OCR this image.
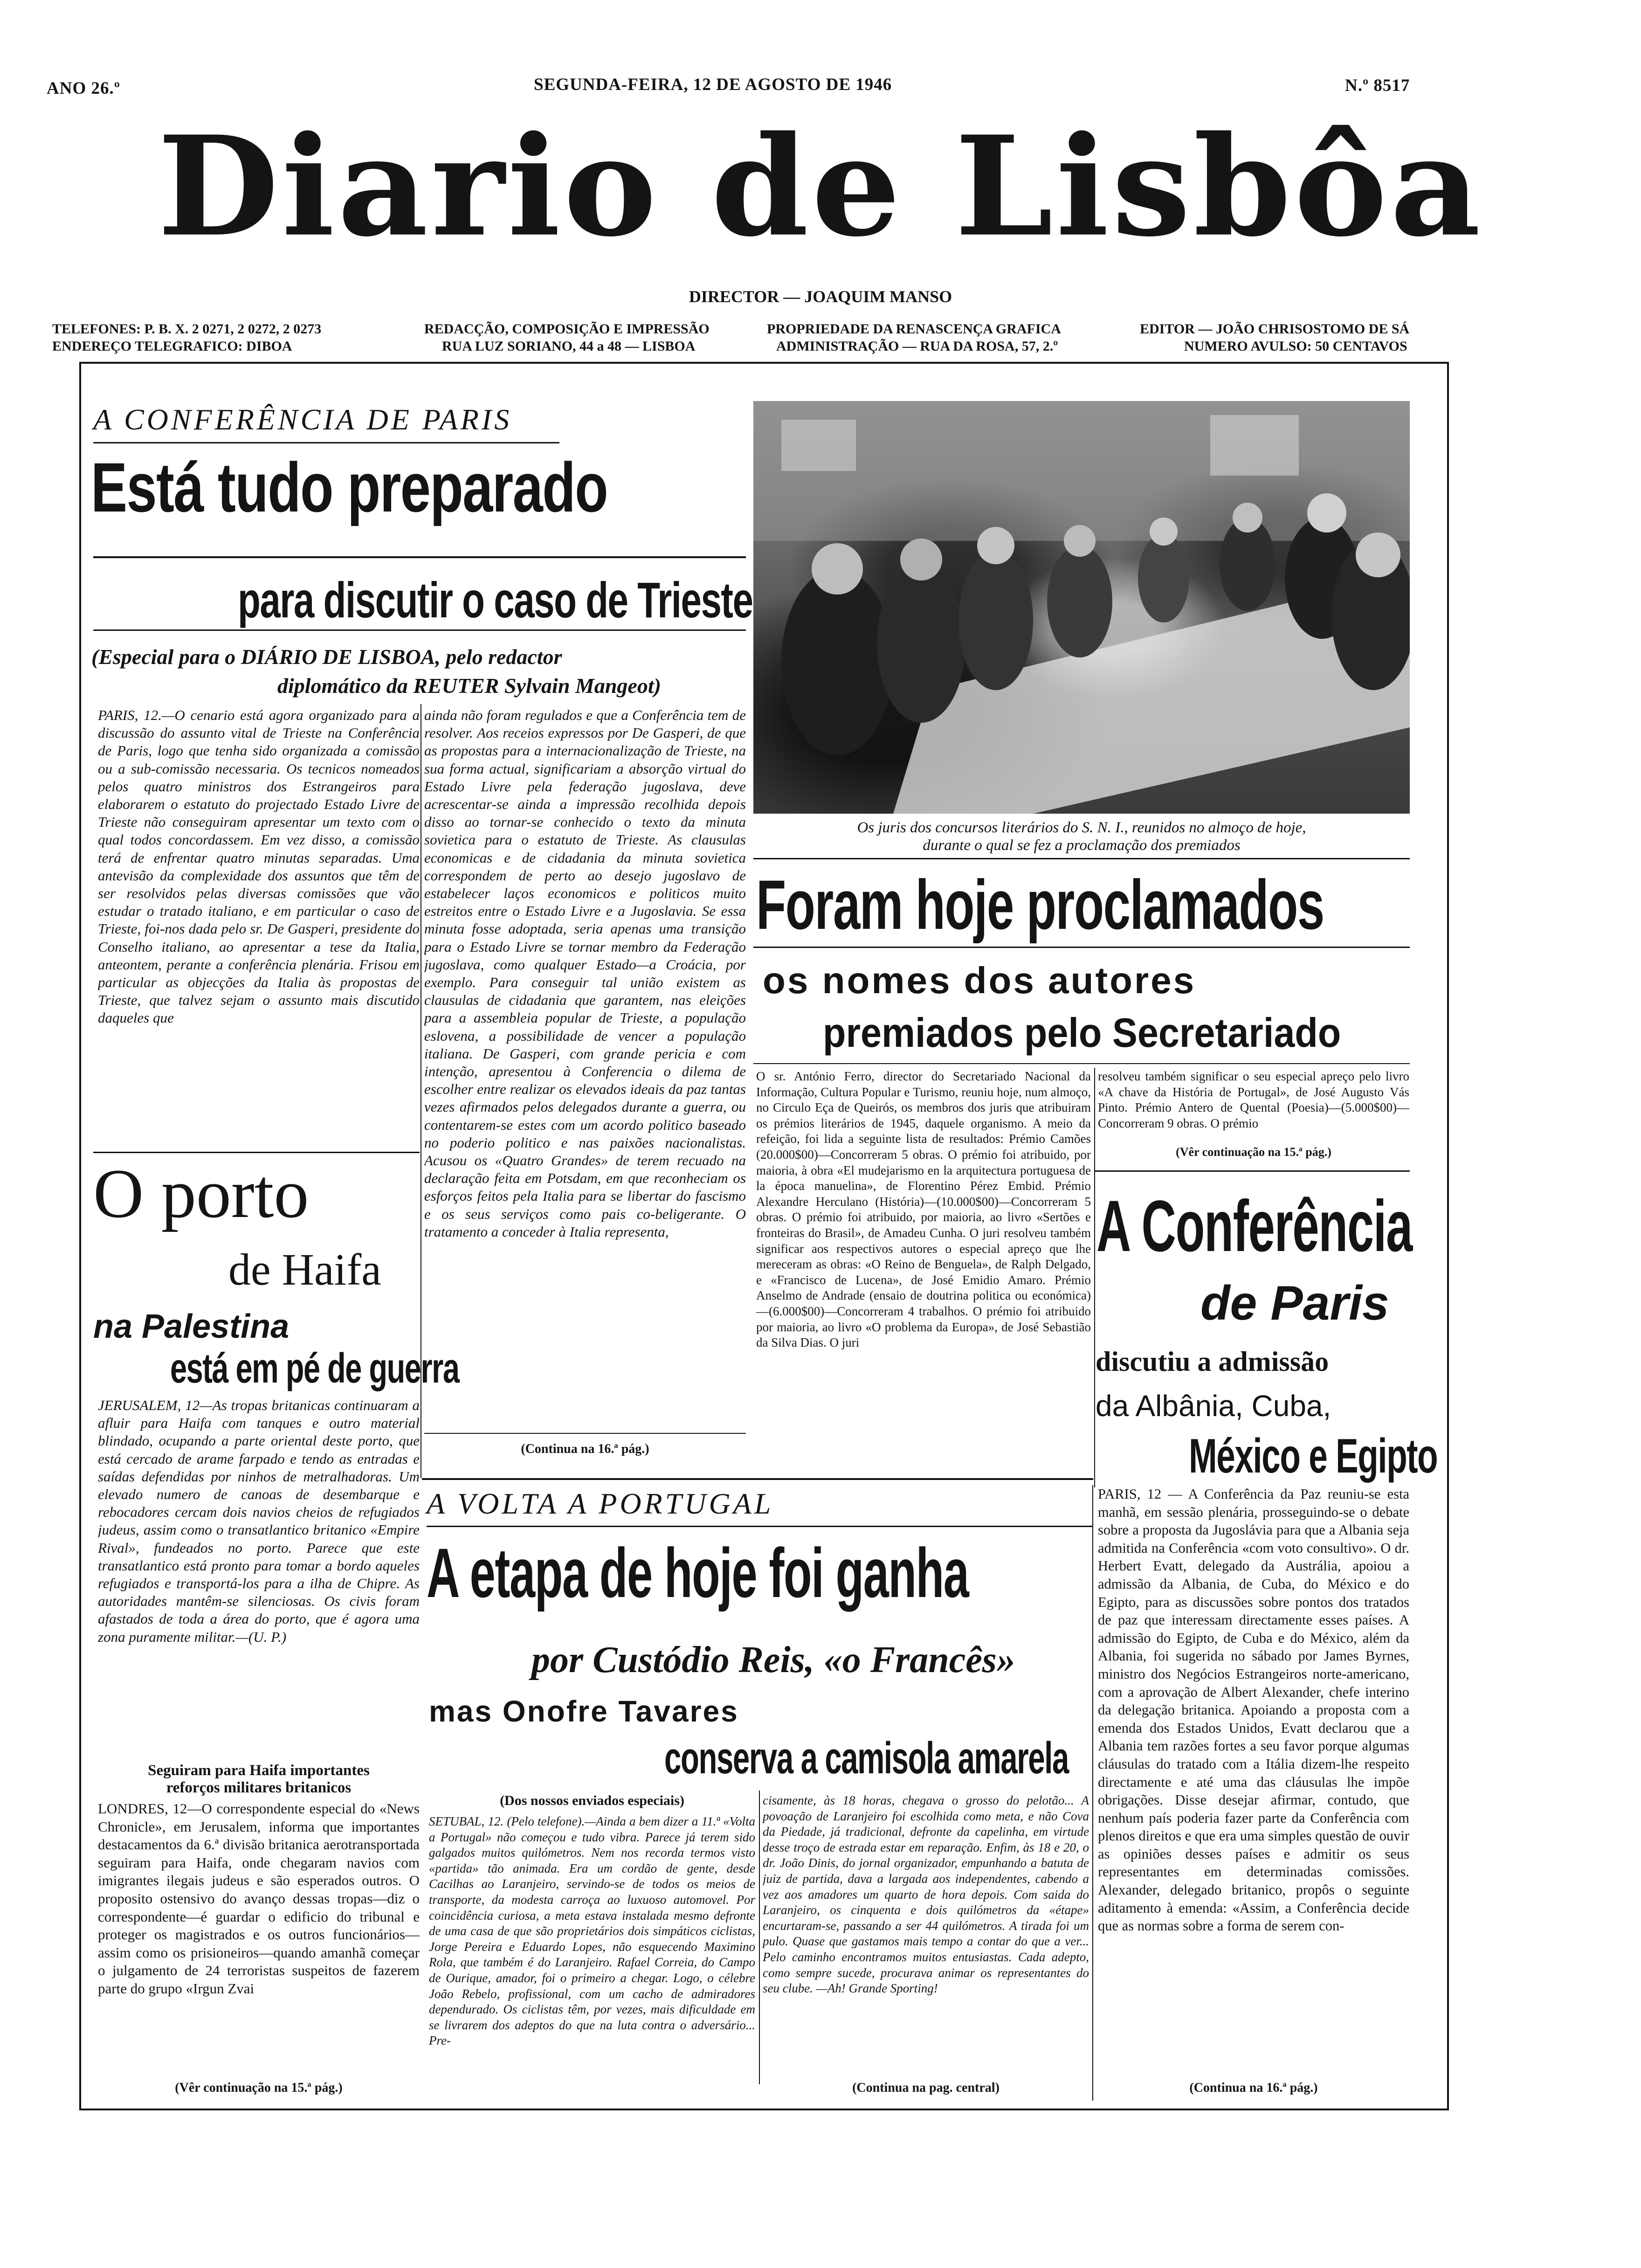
ANO 26.º	SEGUNDA-FEIRA, 12 DE AGOSTO DE 1946	N.º 8517
Diario de Lisbôa
DIRECTOR — JOAQUIM MANSO
TELEFONES: P. B. X. 2 0271, 2 0272, 2 0273
ENDEREÇO TELEGRAFICO: DIBOA
REDACÇÃO, COMPOSIÇÃO E IMPRESSÃO
RUA LUZ SORIANO, 44 a 48 — LISBOA
PROPRIEDADE DA RENASCENÇA GRAFICA
ADMINISTRAÇÃO — RUA DA ROSA, 57, 2.º
EDITOR — JOÃO CHRISOSTOMO DE SÁ
NUMERO AVULSO: 50 CENTAVOS
A CONFERÊNCIA DE PARIS
Está tudo preparado
para discutir o caso de Trieste
(Especial para o DIÁRIO DE LISBOA, pelo redactor
diplomático da REUTER Sylvain Mangeot)
PARIS, 12.—O cenario está agora organizado para a discussão do assunto vital de Trieste na Conferência de Paris, logo que tenha sido organizada a comissão ou a sub-comissão necessaria. Os tecnicos nomeados pelos quatro ministros dos Estrangeiros para elaborarem o estatuto do projectado Estado Livre de Trieste não conseguiram apresentar um texto com o qual todos concordassem. Em vez disso, a comissão terá de enfrentar quatro minutas separadas. Uma antevisão da complexidade dos assuntos que têm de ser resolvidos pelas diversas comissões que vão estudar o tratado italiano, e em particular o caso de Trieste, foi-nos dada pelo sr. De Gasperi, presidente do Conselho italiano, ao apresentar a tese da Italia, anteontem, perante a conferência plenária. Frisou em particular as objecções da Italia às propostas de Trieste, que talvez sejam o assunto mais discutido daqueles que
ainda não foram regulados e que a Conferência tem de resolver. Aos receios expressos por De Gasperi, de que as propostas para a internacionalização de Trieste, na sua forma actual, significariam a absorção virtual do Estado Livre pela federação jugoslava, deve acrescentar-se ainda a impressão recolhida depois disso ao tornar-se conhecido o texto da minuta sovietica para o estatuto de Trieste. As clausulas economicas e de cidadania da minuta sovietica correspondem de perto ao desejo jugoslavo de estabelecer laços economicos e politicos muito estreitos entre o Estado Livre e a Jugoslavia. Se essa minuta fosse adoptada, seria apenas uma transição para o Estado Livre se tornar membro da Federação jugoslava, como qualquer Estado—a Croácia, por exemplo. Para conseguir tal união existem as clausulas de cidadania que garantem, nas eleições para a assembleia popular de Trieste, a população eslovena, a possibilidade de vencer a população italiana. De Gasperi, com grande pericia e com intenção, apresentou à Conferencia o dilema de escolher entre realizar os elevados ideais da paz tantas vezes afirmados pelos delegados durante a guerra, ou contentarem-se estes com um acordo politico baseado no poderio politico e nas paixões nacionalistas. Acusou os «Quatro Grandes» de terem recuado na declaração feita em Potsdam, em que reconheciam os esforços feitos pela Italia para se libertar do fascismo e os seus serviços como pais co-beligerante. O tratamento a conceder à Italia representa,
(Continua na 16.ª pág.)
O porto
de Haifa
na Palestina
está em pé de guerra
JERUSALEM, 12—As tropas britanicas continuaram a afluir para Haifa com tanques e outro material blindado, ocupando a parte oriental deste porto, que está cercado de arame farpado e tendo as entradas e saídas defendidas por ninhos de metralhadoras. Um elevado numero de canoas de desembarque e rebocadores cercam dois navios cheios de refugiados judeus, assim como o transatlantico britanico «Empire Rival», fundeados no porto. Parece que este transatlantico está pronto para tomar a bordo aqueles refugiados e transportá-los para a ilha de Chipre. As autoridades mantêm-se silenciosas. Os civis foram afastados de toda a área do porto, que é agora uma zona puramente militar.—(U. P.)
Seguiram para Haifa importantes
reforços militares britanicos
LONDRES, 12—O correspondente especial do «News Chronicle», em Jerusalem, informa que importantes destacamentos da 6.ª divisão britanica aerotransportada seguiram para Haifa, onde chegaram navios com imigrantes ilegais judeus e são esperados outros. O proposito ostensivo do avanço dessas tropas—diz o correspondente—é guardar o edificio do tribunal e proteger os magistrados e os outros funcionários—assim como os prisioneiros—quando amanhã começar o julgamento de 24 terroristas suspeitos de fazerem parte do grupo «Irgun Zvai
(Vêr continuação na 15.ª pág.)
Os juris dos concursos literários do S. N. I., reunidos no almoço de hoje,
durante o qual se fez a proclamação dos premiados
Foram hoje proclamados
os nomes dos autores
premiados pelo Secretariado
O sr. António Ferro, director do Secretariado Nacional da Informação, Cultura Popular e Turismo, reuniu hoje, num almoço, no Circulo Eça de Queirós, os membros dos juris que atribuiram os prémios literários de 1945, daquele organismo. A meio da refeição, foi lida a seguinte lista de resultados: Prémio Camões (20.000$00)—Concorreram 5 obras. O prémio foi atribuido, por maioria, à obra «El mudejarismo en la arquitectura portuguesa de la época manuelina», de Florentino Pérez Embid. Prémio Alexandre Herculano (História)—(10.000$00)—Concorreram 5 obras. O prémio foi atribuido, por maioria, ao livro «Sertões e fronteiras do Brasil», de Amadeu Cunha. O juri resolveu também significar aos respectivos autores o especial apreço que lhe mereceram as obras: «O Reino de Benguela», de Ralph Delgado, e «Francisco de Lucena», de José Emidio Amaro. Prémio Anselmo de Andrade (ensaio de doutrina politica ou económica)—(6.000$00)—Concorreram 4 trabalhos. O prémio foi atribuido por maioria, ao livro «O problema da Europa», de José Sebastião da Silva Dias. O juri
resolveu também significar o seu especial apreço pelo livro «A chave da História de Portugal», de José Augusto Vás Pinto. Prémio Antero de Quental (Poesia)—(5.000$00)—Concorreram 9 obras. O prémio
(Vêr continuação na 15.ª pág.)
A Conferência
de Paris
discutiu a admissão
da Albânia, Cuba,
México e Egipto
PARIS, 12 — A Conferência da Paz reuniu-se esta manhã, em sessão plenária, prosseguindo-se o debate sobre a proposta da Jugoslávia para que a Albania seja admitida na Conferência «com voto consultivo». O dr. Herbert Evatt, delegado da Austrália, apoiou a admissão da Albania, de Cuba, do México e do Egipto, para as discussões sobre pontos dos tratados de paz que interessam directamente esses países. A admissão do Egipto, de Cuba e do México, além da Albania, foi sugerida no sábado por James Byrnes, ministro dos Negócios Estrangeiros norte-americano, com a aprovação de Albert Alexander, chefe interino da delegação britanica. Apoiando a proposta com a emenda dos Estados Unidos, Evatt declarou que a Albania tem razões fortes a seu favor porque algumas cláusulas do tratado com a Itália dizem-lhe respeito directamente e até uma das cláusulas lhe impõe obrigações. Disse desejar afirmar, contudo, que nenhum país poderia fazer parte da Conferência com plenos direitos e que era uma simples questão de ouvir as opiniões desses países e admitir os seus representantes em determinadas comissões. Alexander, delegado britanico, propôs o seguinte aditamento à emenda: «Assim, a Conferência decide que as normas sobre a forma de serem con-
(Continua na 16.ª pág.)
A VOLTA A PORTUGAL
A etapa de hoje foi ganha
por Custódio Reis, «o Francês»
mas Onofre Tavares
conserva a camisola amarela
(Dos nossos enviados especiais)
SETUBAL, 12. (Pelo telefone).—Ainda a bem dizer a 11.ª «Volta a Portugal» não começou e tudo vibra. Parece já terem sido galgados muitos quilómetros. Nem nos recorda termos visto «partida» tão animada. Era um cordão de gente, desde Cacilhas ao Laranjeiro, servindo-se de todos os meios de transporte, da modesta carroça ao luxuoso automovel. Por coincidência curiosa, a meta estava instalada mesmo defronte de uma casa de que são proprietários dois simpáticos ciclistas, Jorge Pereira e Eduardo Lopes, não esquecendo Maximino Rola, que também é do Laranjeiro. Rafael Correia, do Campo de Ourique, amador, foi o primeiro a chegar. Logo, o célebre João Rebelo, profissional, com um cacho de admiradores dependurado. Os ciclistas têm, por vezes, mais dificuldade em se livrarem dos adeptos do que na luta contra o adversário... Pre-
cisamente, às 18 horas, chegava o grosso do pelotão... A povoação de Laranjeiro foi escolhida como meta, e não Cova da Piedade, já tradicional, defronte da capelinha, em virtude desse troço de estrada estar em reparação. Enfim, às 18 e 20, o dr. João Dinis, do jornal organizador, empunhando a batuta de juiz de partida, dava a largada aos independentes, cabendo a vez aos amadores um quarto de hora depois. Com saida do Laranjeiro, os cinquenta e dois quilómetros da «étape» encurtaram-se, passando a ser 44 quilómetros. A tirada foi um pulo. Quase que gastamos mais tempo a contar do que a ver... Pelo caminho encontramos muitos entusiastas. Cada adepto, como sempre sucede, procurava animar os representantes do seu clube. —Ah! Grande Sporting!
(Continua na pag. central)
